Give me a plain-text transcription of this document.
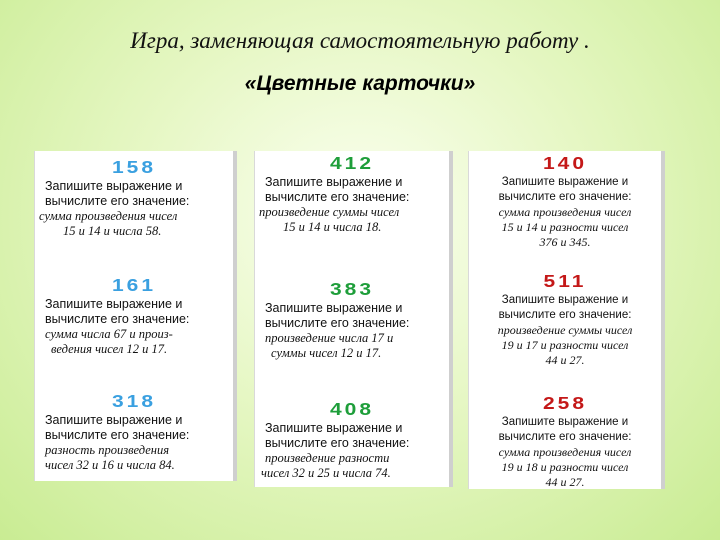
Игра, заменяющая самостоятельную работу .
«Цветные карточки»
158
Запишите выражение и
вычислите его значение:
сумма произведения чисел
15 и 14 и числа 58.
161
Запишите выражение и
вычислите его значение:
сумма числа 67 и произ-
ведения чисел 12 и 17.
318
Запишите выражение и
вычислите его значение:
разность произведения
чисел 32 и 16 и числа 84.
412
Запишите выражение и
вычислите его значение:
произведение суммы чисел
15 и 14 и числа 18.
383
Запишите выражение и
вычислите его значение:
произведение числа 17 и
суммы чисел 12 и 17.
408
Запишите выражение и
вычислите его значение:
произведение разности
чисел 32 и 25 и числа 74.
140
Запишите выражение и
вычислите его значение:
сумма произведения чисел
15 и 14 и разности чисел
376 и 345.
511
Запишите выражение и
вычислите его значение:
произведение суммы чисел
19 и 17 и разности чисел
44 и 27.
258
Запишите выражение и
вычислите его значение:
сумма произведения чисел
19 и 18 и разности чисел
44 и 27.
